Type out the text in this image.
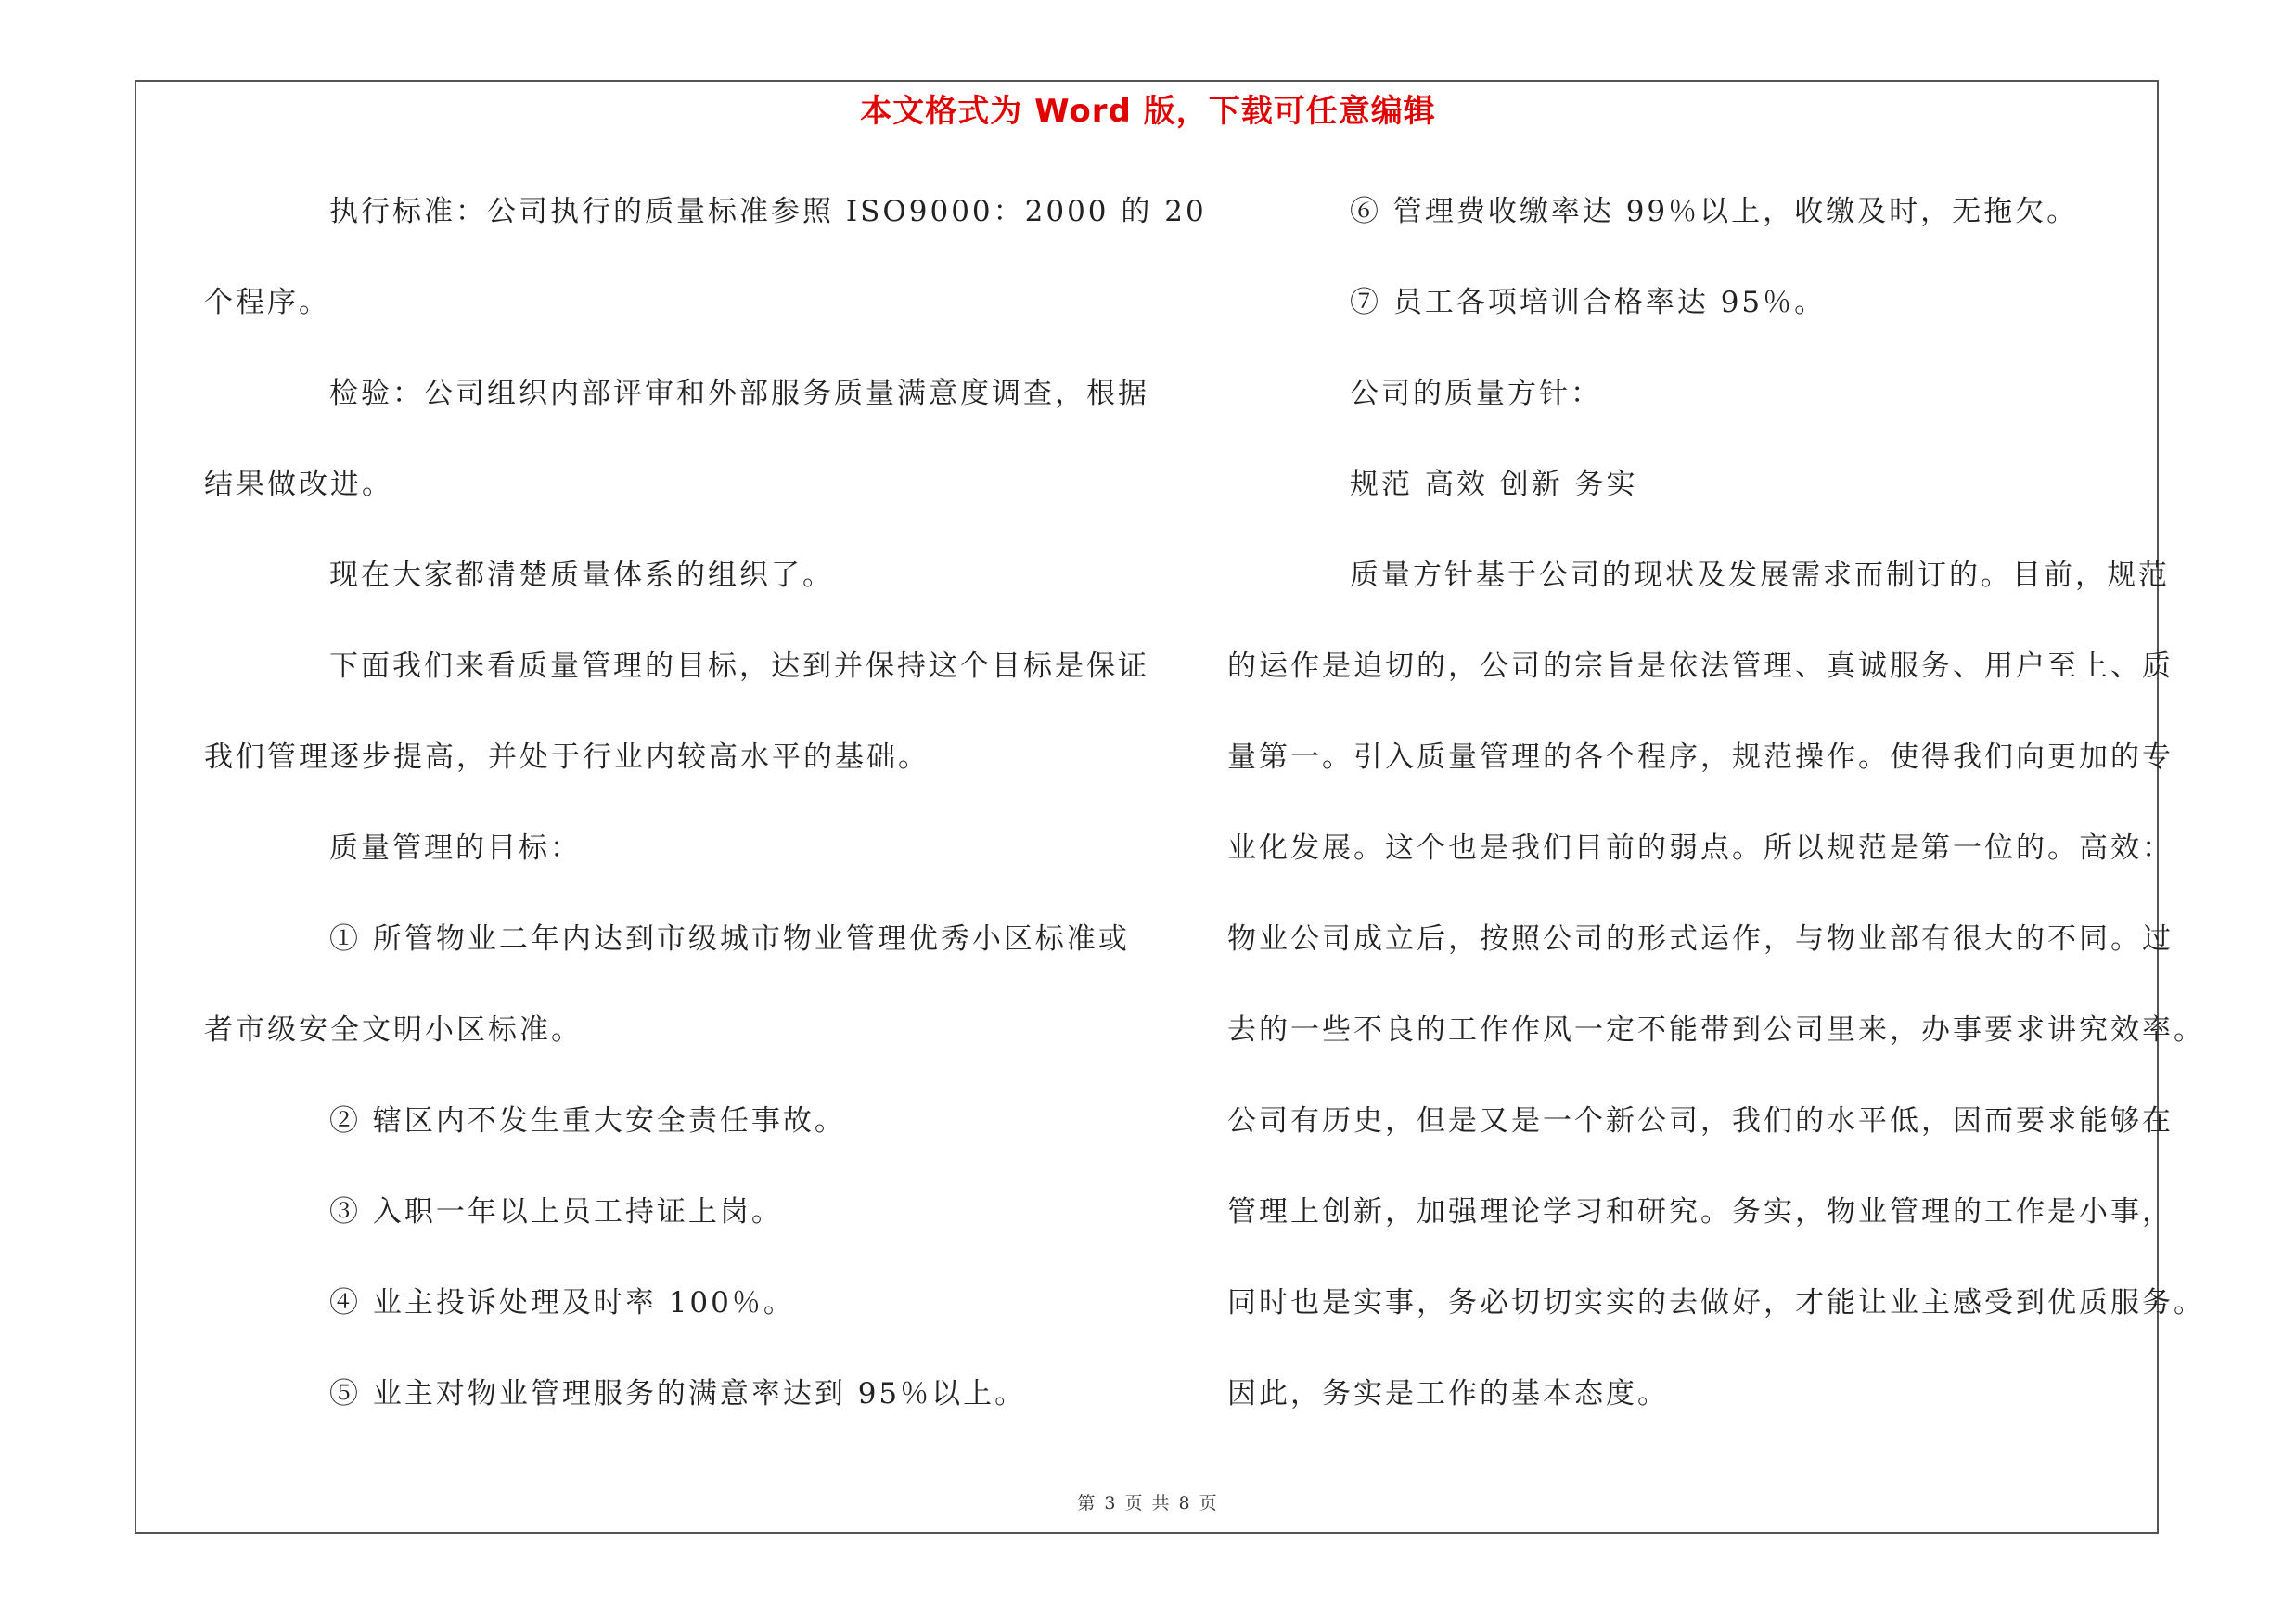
本文格式为 Word 版，下载可任意编辑
执行标准：公司执行的质量标准参照 ISO9000：2000 的 20
个程序。
检验：公司组织内部评审和外部服务质量满意度调查，根据
结果做改进。
现在大家都清楚质量体系的组织了。
下面我们来看质量管理的目标，达到并保持这个目标是保证
我们管理逐步提高，并处于行业内较高水平的基础。
质量管理的目标：
① 所管物业二年内达到市级城市物业管理优秀小区标准或
者市级安全文明小区标准。
② 辖区内不发生重大安全责任事故。
③ 入职一年以上员工持证上岗。
④ 业主投诉处理及时率 100％。
⑤ 业主对物业管理服务的满意率达到 95％以上。
⑥ 管理费收缴率达 99％以上，收缴及时，无拖欠。
⑦ 员工各项培训合格率达 95％。
公司的质量方针：
规范 高效 创新 务实
质量方针基于公司的现状及发展需求而制订的。目前，规范
的运作是迫切的，公司的宗旨是依法管理、真诚服务、用户至上、质
量第一。引入质量管理的各个程序，规范操作。使得我们向更加的专
业化发展。这个也是我们目前的弱点。所以规范是第一位的。高效：
物业公司成立后，按照公司的形式运作，与物业部有很大的不同。过
去的一些不良的工作作风一定不能带到公司里来，办事要求讲究效率。
公司有历史，但是又是一个新公司，我们的水平低，因而要求能够在
管理上创新，加强理论学习和研究。务实，物业管理的工作是小事，
同时也是实事，务必切切实实的去做好，才能让业主感受到优质服务。
因此，务实是工作的基本态度。
第 3 页 共 8 页
